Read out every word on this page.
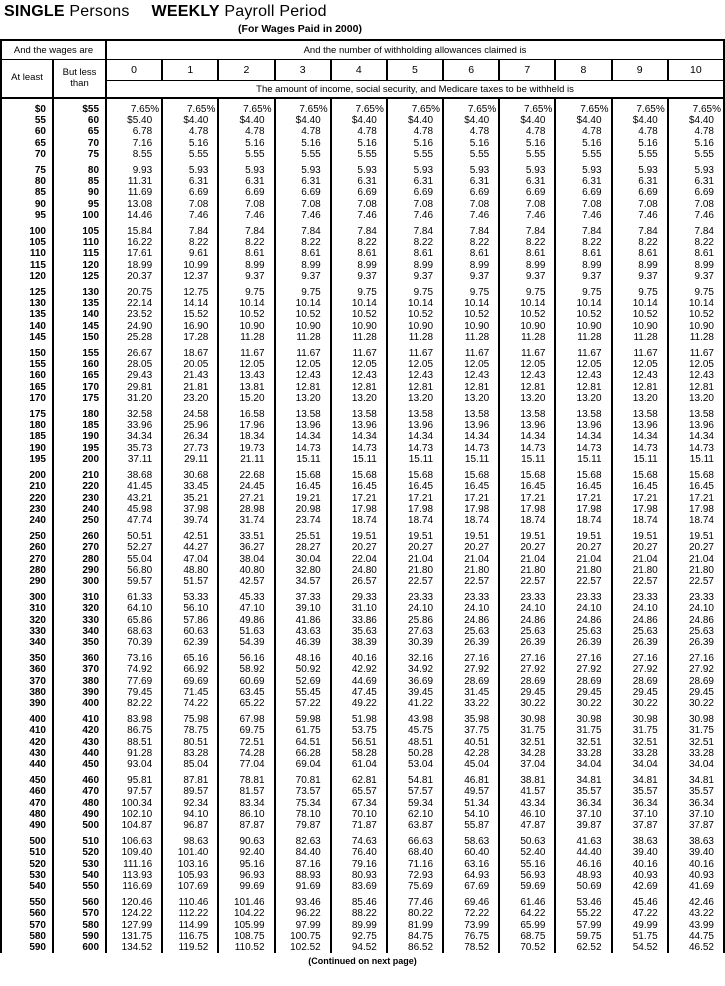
SINGLE Persons WEEKLY Payroll Period
(For Wages Paid in 2000)
And the wages are		And the number of withholding allowances claimed is										
At least	But less than	0	1	2	3	4	5	6	7	8	9	10
		The amount of income, social security, and Medicare taxes to be withheld is										
$0	$55	7.65%	7.65%	7.65%	7.65%	7.65%	7.65%	7.65%	7.65%	7.65%	7.65%	7.65%
55	60	$5.40	$4.40	$4.40	$4.40	$4.40	$4.40	$4.40	$4.40	$4.40	$4.40	$4.40
60	65	6.78	4.78	4.78	4.78	4.78	4.78	4.78	4.78	4.78	4.78	4.78
65	70	7.16	5.16	5.16	5.16	5.16	5.16	5.16	5.16	5.16	5.16	5.16
70	75	8.55	5.55	5.55	5.55	5.55	5.55	5.55	5.55	5.55	5.55	5.55
75	80	9.93	5.93	5.93	5.93	5.93	5.93	5.93	5.93	5.93	5.93	5.93
80	85	11.31	6.31	6.31	6.31	6.31	6.31	6.31	6.31	6.31	6.31	6.31
85	90	11.69	6.69	6.69	6.69	6.69	6.69	6.69	6.69	6.69	6.69	6.69
90	95	13.08	7.08	7.08	7.08	7.08	7.08	7.08	7.08	7.08	7.08	7.08
95	100	14.46	7.46	7.46	7.46	7.46	7.46	7.46	7.46	7.46	7.46	7.46
100	105	15.84	7.84	7.84	7.84	7.84	7.84	7.84	7.84	7.84	7.84	7.84
105	110	16.22	8.22	8.22	8.22	8.22	8.22	8.22	8.22	8.22	8.22	8.22
110	115	17.61	9.61	8.61	8.61	8.61	8.61	8.61	8.61	8.61	8.61	8.61
115	120	18.99	10.99	8.99	8.99	8.99	8.99	8.99	8.99	8.99	8.99	8.99
120	125	20.37	12.37	9.37	9.37	9.37	9.37	9.37	9.37	9.37	9.37	9.37
125	130	20.75	12.75	9.75	9.75	9.75	9.75	9.75	9.75	9.75	9.75	9.75
130	135	22.14	14.14	10.14	10.14	10.14	10.14	10.14	10.14	10.14	10.14	10.14
135	140	23.52	15.52	10.52	10.52	10.52	10.52	10.52	10.52	10.52	10.52	10.52
140	145	24.90	16.90	10.90	10.90	10.90	10.90	10.90	10.90	10.90	10.90	10.90
145	150	25.28	17.28	11.28	11.28	11.28	11.28	11.28	11.28	11.28	11.28	11.28
150	155	26.67	18.67	11.67	11.67	11.67	11.67	11.67	11.67	11.67	11.67	11.67
155	160	28.05	20.05	12.05	12.05	12.05	12.05	12.05	12.05	12.05	12.05	12.05
160	165	29.43	21.43	13.43	12.43	12.43	12.43	12.43	12.43	12.43	12.43	12.43
165	170	29.81	21.81	13.81	12.81	12.81	12.81	12.81	12.81	12.81	12.81	12.81
170	175	31.20	23.20	15.20	13.20	13.20	13.20	13.20	13.20	13.20	13.20	13.20
175	180	32.58	24.58	16.58	13.58	13.58	13.58	13.58	13.58	13.58	13.58	13.58
180	185	33.96	25.96	17.96	13.96	13.96	13.96	13.96	13.96	13.96	13.96	13.96
185	190	34.34	26.34	18.34	14.34	14.34	14.34	14.34	14.34	14.34	14.34	14.34
190	195	35.73	27.73	19.73	14.73	14.73	14.73	14.73	14.73	14.73	14.73	14.73
195	200	37.11	29.11	21.11	15.11	15.11	15.11	15.11	15.11	15.11	15.11	15.11
200	210	38.68	30.68	22.68	15.68	15.68	15.68	15.68	15.68	15.68	15.68	15.68
210	220	41.45	33.45	24.45	16.45	16.45	16.45	16.45	16.45	16.45	16.45	16.45
220	230	43.21	35.21	27.21	19.21	17.21	17.21	17.21	17.21	17.21	17.21	17.21
230	240	45.98	37.98	28.98	20.98	17.98	17.98	17.98	17.98	17.98	17.98	17.98
240	250	47.74	39.74	31.74	23.74	18.74	18.74	18.74	18.74	18.74	18.74	18.74
250	260	50.51	42.51	33.51	25.51	19.51	19.51	19.51	19.51	19.51	19.51	19.51
260	270	52.27	44.27	36.27	28.27	20.27	20.27	20.27	20.27	20.27	20.27	20.27
270	280	55.04	47.04	38.04	30.04	22.04	21.04	21.04	21.04	21.04	21.04	21.04
280	290	56.80	48.80	40.80	32.80	24.80	21.80	21.80	21.80	21.80	21.80	21.80
290	300	59.57	51.57	42.57	34.57	26.57	22.57	22.57	22.57	22.57	22.57	22.57
300	310	61.33	53.33	45.33	37.33	29.33	23.33	23.33	23.33	23.33	23.33	23.33
310	320	64.10	56.10	47.10	39.10	31.10	24.10	24.10	24.10	24.10	24.10	24.10
320	330	65.86	57.86	49.86	41.86	33.86	25.86	24.86	24.86	24.86	24.86	24.86
330	340	68.63	60.63	51.63	43.63	35.63	27.63	25.63	25.63	25.63	25.63	25.63
340	350	70.39	62.39	54.39	46.39	38.39	30.39	26.39	26.39	26.39	26.39	26.39
350	360	73.16	65.16	56.16	48.16	40.16	32.16	27.16	27.16	27.16	27.16	27.16
360	370	74.92	66.92	58.92	50.92	42.92	34.92	27.92	27.92	27.92	27.92	27.92
370	380	77.69	69.69	60.69	52.69	44.69	36.69	28.69	28.69	28.69	28.69	28.69
380	390	79.45	71.45	63.45	55.45	47.45	39.45	31.45	29.45	29.45	29.45	29.45
390	400	82.22	74.22	65.22	57.22	49.22	41.22	33.22	30.22	30.22	30.22	30.22
400	410	83.98	75.98	67.98	59.98	51.98	43.98	35.98	30.98	30.98	30.98	30.98
410	420	86.75	78.75	69.75	61.75	53.75	45.75	37.75	31.75	31.75	31.75	31.75
420	430	88.51	80.51	72.51	64.51	56.51	48.51	40.51	32.51	32.51	32.51	32.51
430	440	91.28	83.28	74.28	66.28	58.28	50.28	42.28	34.28	33.28	33.28	33.28
440	450	93.04	85.04	77.04	69.04	61.04	53.04	45.04	37.04	34.04	34.04	34.04
450	460	95.81	87.81	78.81	70.81	62.81	54.81	46.81	38.81	34.81	34.81	34.81
460	470	97.57	89.57	81.57	73.57	65.57	57.57	49.57	41.57	35.57	35.57	35.57
470	480	100.34	92.34	83.34	75.34	67.34	59.34	51.34	43.34	36.34	36.34	36.34
480	490	102.10	94.10	86.10	78.10	70.10	62.10	54.10	46.10	37.10	37.10	37.10
490	500	104.87	96.87	87.87	79.87	71.87	63.87	55.87	47.87	39.87	37.87	37.87
500	510	106.63	98.63	90.63	82.63	74.63	66.63	58.63	50.63	41.63	38.63	38.63
510	520	109.40	101.40	92.40	84.40	76.40	68.40	60.40	52.40	44.40	39.40	39.40
520	530	111.16	103.16	95.16	87.16	79.16	71.16	63.16	55.16	46.16	40.16	40.16
530	540	113.93	105.93	96.93	88.93	80.93	72.93	64.93	56.93	48.93	40.93	40.93
540	550	116.69	107.69	99.69	91.69	83.69	75.69	67.69	59.69	50.69	42.69	41.69
550	560	120.46	110.46	101.46	93.46	85.46	77.46	69.46	61.46	53.46	45.46	42.46
560	570	124.22	112.22	104.22	96.22	88.22	80.22	72.22	64.22	55.22	47.22	43.22
570	580	127.99	114.99	105.99	97.99	89.99	81.99	73.99	65.99	57.99	49.99	43.99
580	590	131.75	116.75	108.75	100.75	92.75	84.75	76.75	68.75	59.75	51.75	44.75
590	600	134.52	119.52	110.52	102.52	94.52	86.52	78.52	70.52	62.52	54.52	46.52
(Continued on next page)
